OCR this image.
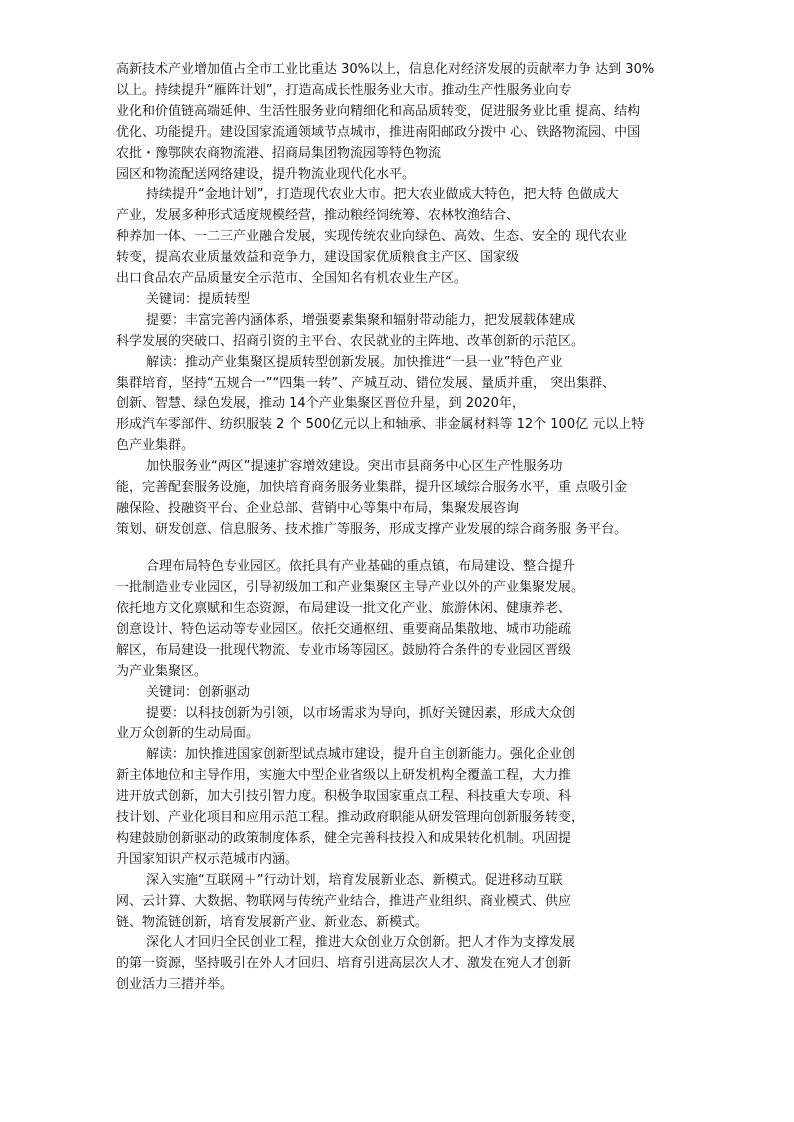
高新技术产业增加值占全市工业比重达 30%以上，信息化对经济发展的贡献率力争 达到 30%
以上。持续提升“雁阵计划”，打造高成长性服务业大市。推动生产性服务业向专
业化和价值链高端延伸、生活性服务业向精细化和高品质转变，促进服务业比重 提高、结构
优化、功能提升。建设国家流通领域节点城市，推进南阳邮政分拨中 心、铁路物流园、中国
农批・豫鄂陕农商物流港、招商局集团物流园等特色物流
园区和物流配送网络建设，提升物流业现代化水平。
持续提升“金地计划”，打造现代农业大市。把大农业做成大特色，把大特 色做成大
产业，发展多种形式适度规模经营，推动粮经饲统筹、农林牧渔结合、
种养加一体、一二三产业融合发展，实现传统农业向绿色、高效、生态、安全的 现代农业
转变，提高农业质量效益和竞争力，建设国家优质粮食主产区、国家级
出口食品农产品质量安全示范市、全国知名有机农业生产区。
关键词：提质转型
提要：丰富完善内涵体系，增强要素集聚和辐射带动能力，把发展载体建成
科学发展的突破口、招商引资的主平台、农民就业的主阵地、改革创新的示范区。
解读：推动产业集聚区提质转型创新发展。加快推进“一县一业”特色产业
集群培育，坚持“五规合一”“四集一转”、产城互动、错位发展、量质并重， 突出集群、
创新、智慧、绿色发展，推动 14个产业集聚区晋位升星，到 2020年，
形成汽车零部件、纺织服装 2 个 500亿元以上和轴承、非金属材料等 12个 100亿 元以上特
色产业集群。
加快服务业“两区”提速扩容增效建设。突出市县商务中心区生产性服务功
能，完善配套服务设施，加快培育商务服务业集群，提升区域综合服务水平，重 点吸引金
融保险、投融资平台、企业总部、营销中心等集中布局，集聚发展咨询
策划、研发创意、信息服务、技术推广等服务，形成支撑产业发展的综合商务服 务平台。
合理布局特色专业园区。依托具有产业基础的重点镇，布局建设、整合提升
一批制造业专业园区，引导初级加工和产业集聚区主导产业以外的产业集聚发展。
依托地方文化禀赋和生态资源，布局建设一批文化产业、旅游休闲、健康养老、
创意设计、特色运动等专业园区。依托交通枢纽、重要商品集散地、城市功能疏
解区，布局建设一批现代物流、专业市场等园区。鼓励符合条件的专业园区晋级
为产业集聚区。
关键词：创新驱动
提要：以科技创新为引领，以市场需求为导向，抓好关键因素，形成大众创
业万众创新的生动局面。
解读：加快推进国家创新型试点城市建设，提升自主创新能力。强化企业创
新主体地位和主导作用，实施大中型企业省级以上研发机构全覆盖工程，大力推
进开放式创新，加大引技引智力度。积极争取国家重点工程、科技重大专项、科
技计划、产业化项目和应用示范工程。推动政府职能从研发管理向创新服务转变，
构建鼓励创新驱动的政策制度体系，健全完善科技投入和成果转化机制。巩固提
升国家知识产权示范城市内涵。
深入实施“互联网＋”行动计划，培育发展新业态、新模式。促进移动互联
网、云计算、大数据、物联网与传统产业结合，推进产业组织、商业模式、供应
链、物流链创新，培育发展新产业、新业态、新模式。
深化人才回归全民创业工程，推进大众创业万众创新。把人才作为支撑发展
的第一资源，坚持吸引在外人才回归、培育引进高层次人才、激发在宛人才创新
创业活力三措并举。
